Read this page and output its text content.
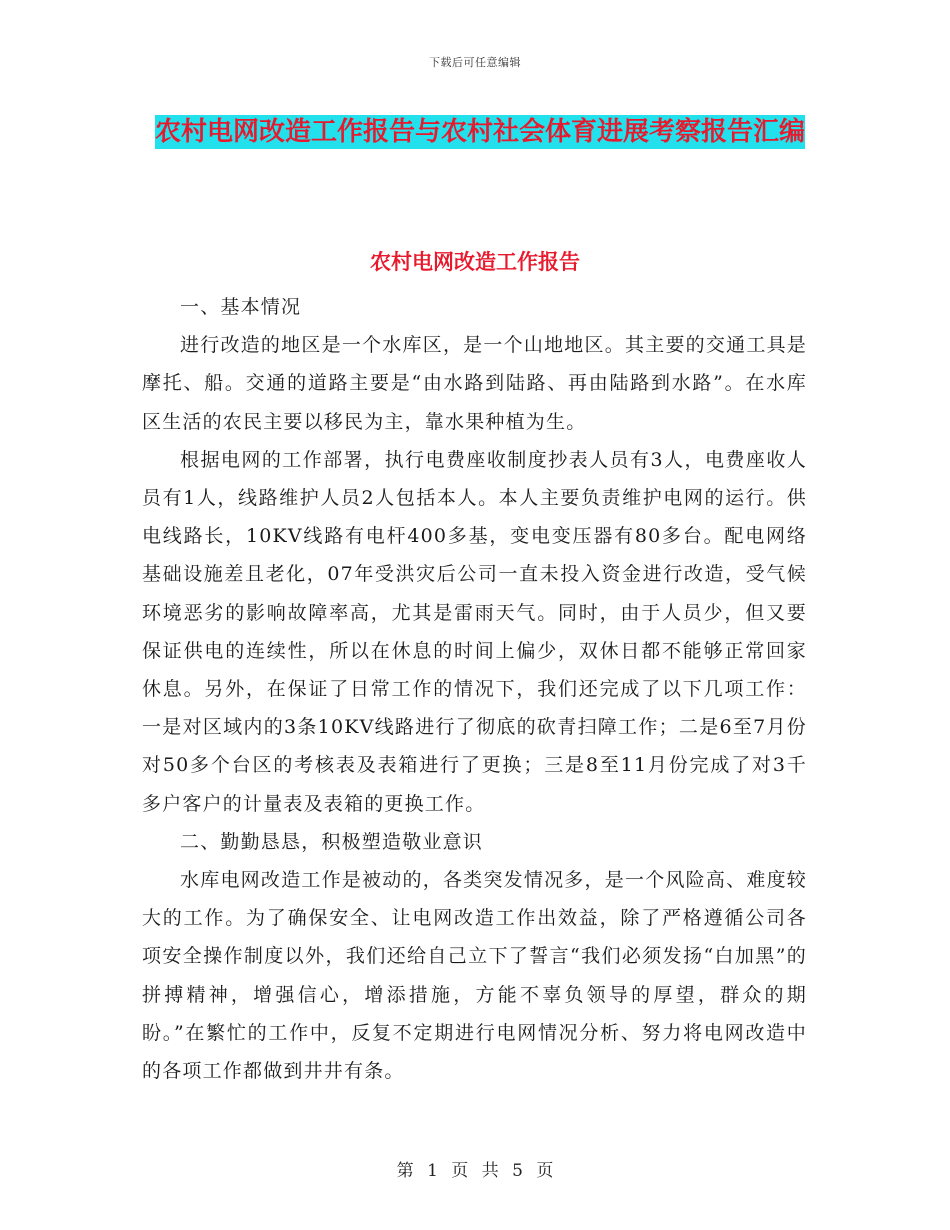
下载后可任意编辑
农村电网改造工作报告与农村社会体育进展考察报告汇编
农村电网改造工作报告

一、基本情况

进行改造的地区是一个水库区，是一个山地地区。其主要的交通工具是摩托、船。交通的道路主要是“由水路到陆路、再由陆路到水路”。在水库区生活的农民主要以移民为主，靠水果种植为生。

根据电网的工作部署，执行电费座收制度抄表人员有3人，电费座收人员有1人，线路维护人员2人包括本人。本人主要负责维护电网的运行。供电线路长，10KV线路有电杆400多基，变电变压器有80多台。配电网络基础设施差且老化，07年受洪灾后公司一直未投入资金进行改造，受气候环境恶劣的影响故障率高，尤其是雷雨天气。同时，由于人员少，但又要保证供电的连续性，所以在休息的时间上偏少，双休日都不能够正常回家休息。另外，在保证了日常工作的情况下，我们还完成了以下几项工作：一是对区域内的3条10KV线路进行了彻底的砍青扫障工作；二是6至7月份对50多个台区的考核表及表箱进行了更换；三是8至11月份完成了对3千多户客户的计量表及表箱的更换工作。

二、勤勤恳恳，积极塑造敬业意识

水库电网改造工作是被动的，各类突发情况多，是一个风险高、难度较大的工作。为了确保安全、让电网改造工作出效益，除了严格遵循公司各项安全操作制度以外，我们还给自己立下了誓言“我们必须发扬“白加黑”的拼搏精神，增强信心，增添措施，方能不辜负领导的厚望，群众的期盼。”在繁忙的工作中，反复不定期进行电网情况分析、努力将电网改造中的各项工作都做到井井有条。

第 1 页 共 5 页
